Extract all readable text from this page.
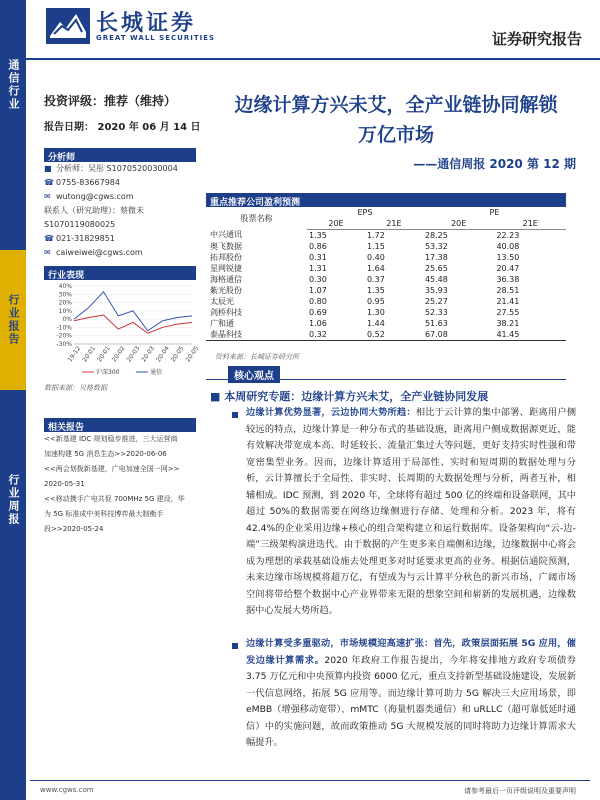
通信行业
行业报告
行业周报
长城证券
GREAT WALL SECURITIES	证券研究报告
投资评级：推荐（维持）
报告日期： 2020 年 06 月 14 日
边缘计算方兴未艾，全产业链协同解锁
万亿市场
——通信周报 2020 第 12 期
分析师
■ 分析师：吴彤 S1070520030004
☎ 0755-83667984
✉ wutong@cgws.com
联系人（研究助理）：蔡微未
S1070119080025
☎ 021-31829851
✉ caiweiwei@cgws.com
行业表现
40%
30%
20%
10%
0%
-10%
-20%
-30%
19-12 20-01 20-01 20-02 20-03 20-03 20-04 20-05 20-05
沪深300	通信
数据来源：贝格数据
相关报告
<<新基建 IDC 规划稳步推进，三大运营商
加速构建 5G 消息生态>>2020-06-06
<<两会划拨新基建，广电加速全国一网>>
2020-05-31
<<移动携手广电共促 700MHz 5G 建设，华
为 5G 标准成中美科技博弈最大制衡手
段>>2020-05-24
重点推荐公司盈利预测
股票名称	EPS		PE	
	20E	21E	20E	21E
中兴通讯	1.35	1.72	28.25	22.23
奥飞数据	0.86	1.15	53.32	40.08
拓邦股份	0.31	0.40	17.38	13.50
星网锐捷	1.31	1.64	25.65	20.47
海格通信	0.30	0.37	45.48	36.38
紫光股份	1.07	1.35	35.93	28.51
太辰光	0.80	0.95	25.27	21.41
剑桥科技	0.69	1.30	52.33	27.55
广和通	1.06	1.44	51.63	38.21
泰晶科技	0.32	0.52	67.08	41.45
资料来源：长城证券研究所
核心观点
■ 本周研究专题：边缘计算方兴未艾，全产业链协同发展
边缘计算优势显著，云边协同大势所趋：相比于云计算的集中部署、距离用户侧较远的特点，边缘计算是一种分布式的基础设施，距离用户侧成数据源更近，能有效解决带宽成本高、时延较长、流量汇集过大等问题，更好支持实时性强和带宽密集型业务。因而，边缘计算适用于局部性、实时和短周期的数据处理与分析，云计算擅长于全局性、非实时、长周期的大数据处理与分析，两者互补，相辅相成。IDC 预测，到 2020 年，全球将有超过 500 亿的终端和设备联网，其中超过 50%的数据需要在网络边缘侧进行存储、处理和分析。2023 年，将有 42.4%的企业采用边缘+核心的组合架构建立和运行数据库。设备架构向“云-边-端”三级架构演进迭代。由于数据的产生更多来自端侧和边缘，边缘数据中心将会成为理想的承载基础设施去处理更多对时延要求更高的业务。根据信通院预测，未来边缘市场规模将超万亿，有望成为与云计算平分秋色的新兴市场，广阔市场空间将带给整个数据中心产业界带来无限的想象空间和崭新的发展机遇，边缘数据中心发展大势所趋。
边缘计算受多重驱动，市场规模迎高速扩张：首先，政策层面拓展 5G 应用，催发边缘计算需求。2020 年政府工作报告提出，今年将安排地方政府专项债券 3.75 万亿元和中央预算内投资 6000 亿元，重点支持新型基础设施建设，发展新一代信息网络，拓展 5G 应用等。而边缘计算可助力 5G 解决三大应用场景，即 eMBB（增强移动宽带）、mMTC（海量机器类通信）和 uRLLC（超可靠低延时通信）中的实施问题，故而政策推动 5G 大规模发展的同时将助力边缘计算需求大幅提升。
www.cgws.com	请参考最后一页评级说明及重要声明
